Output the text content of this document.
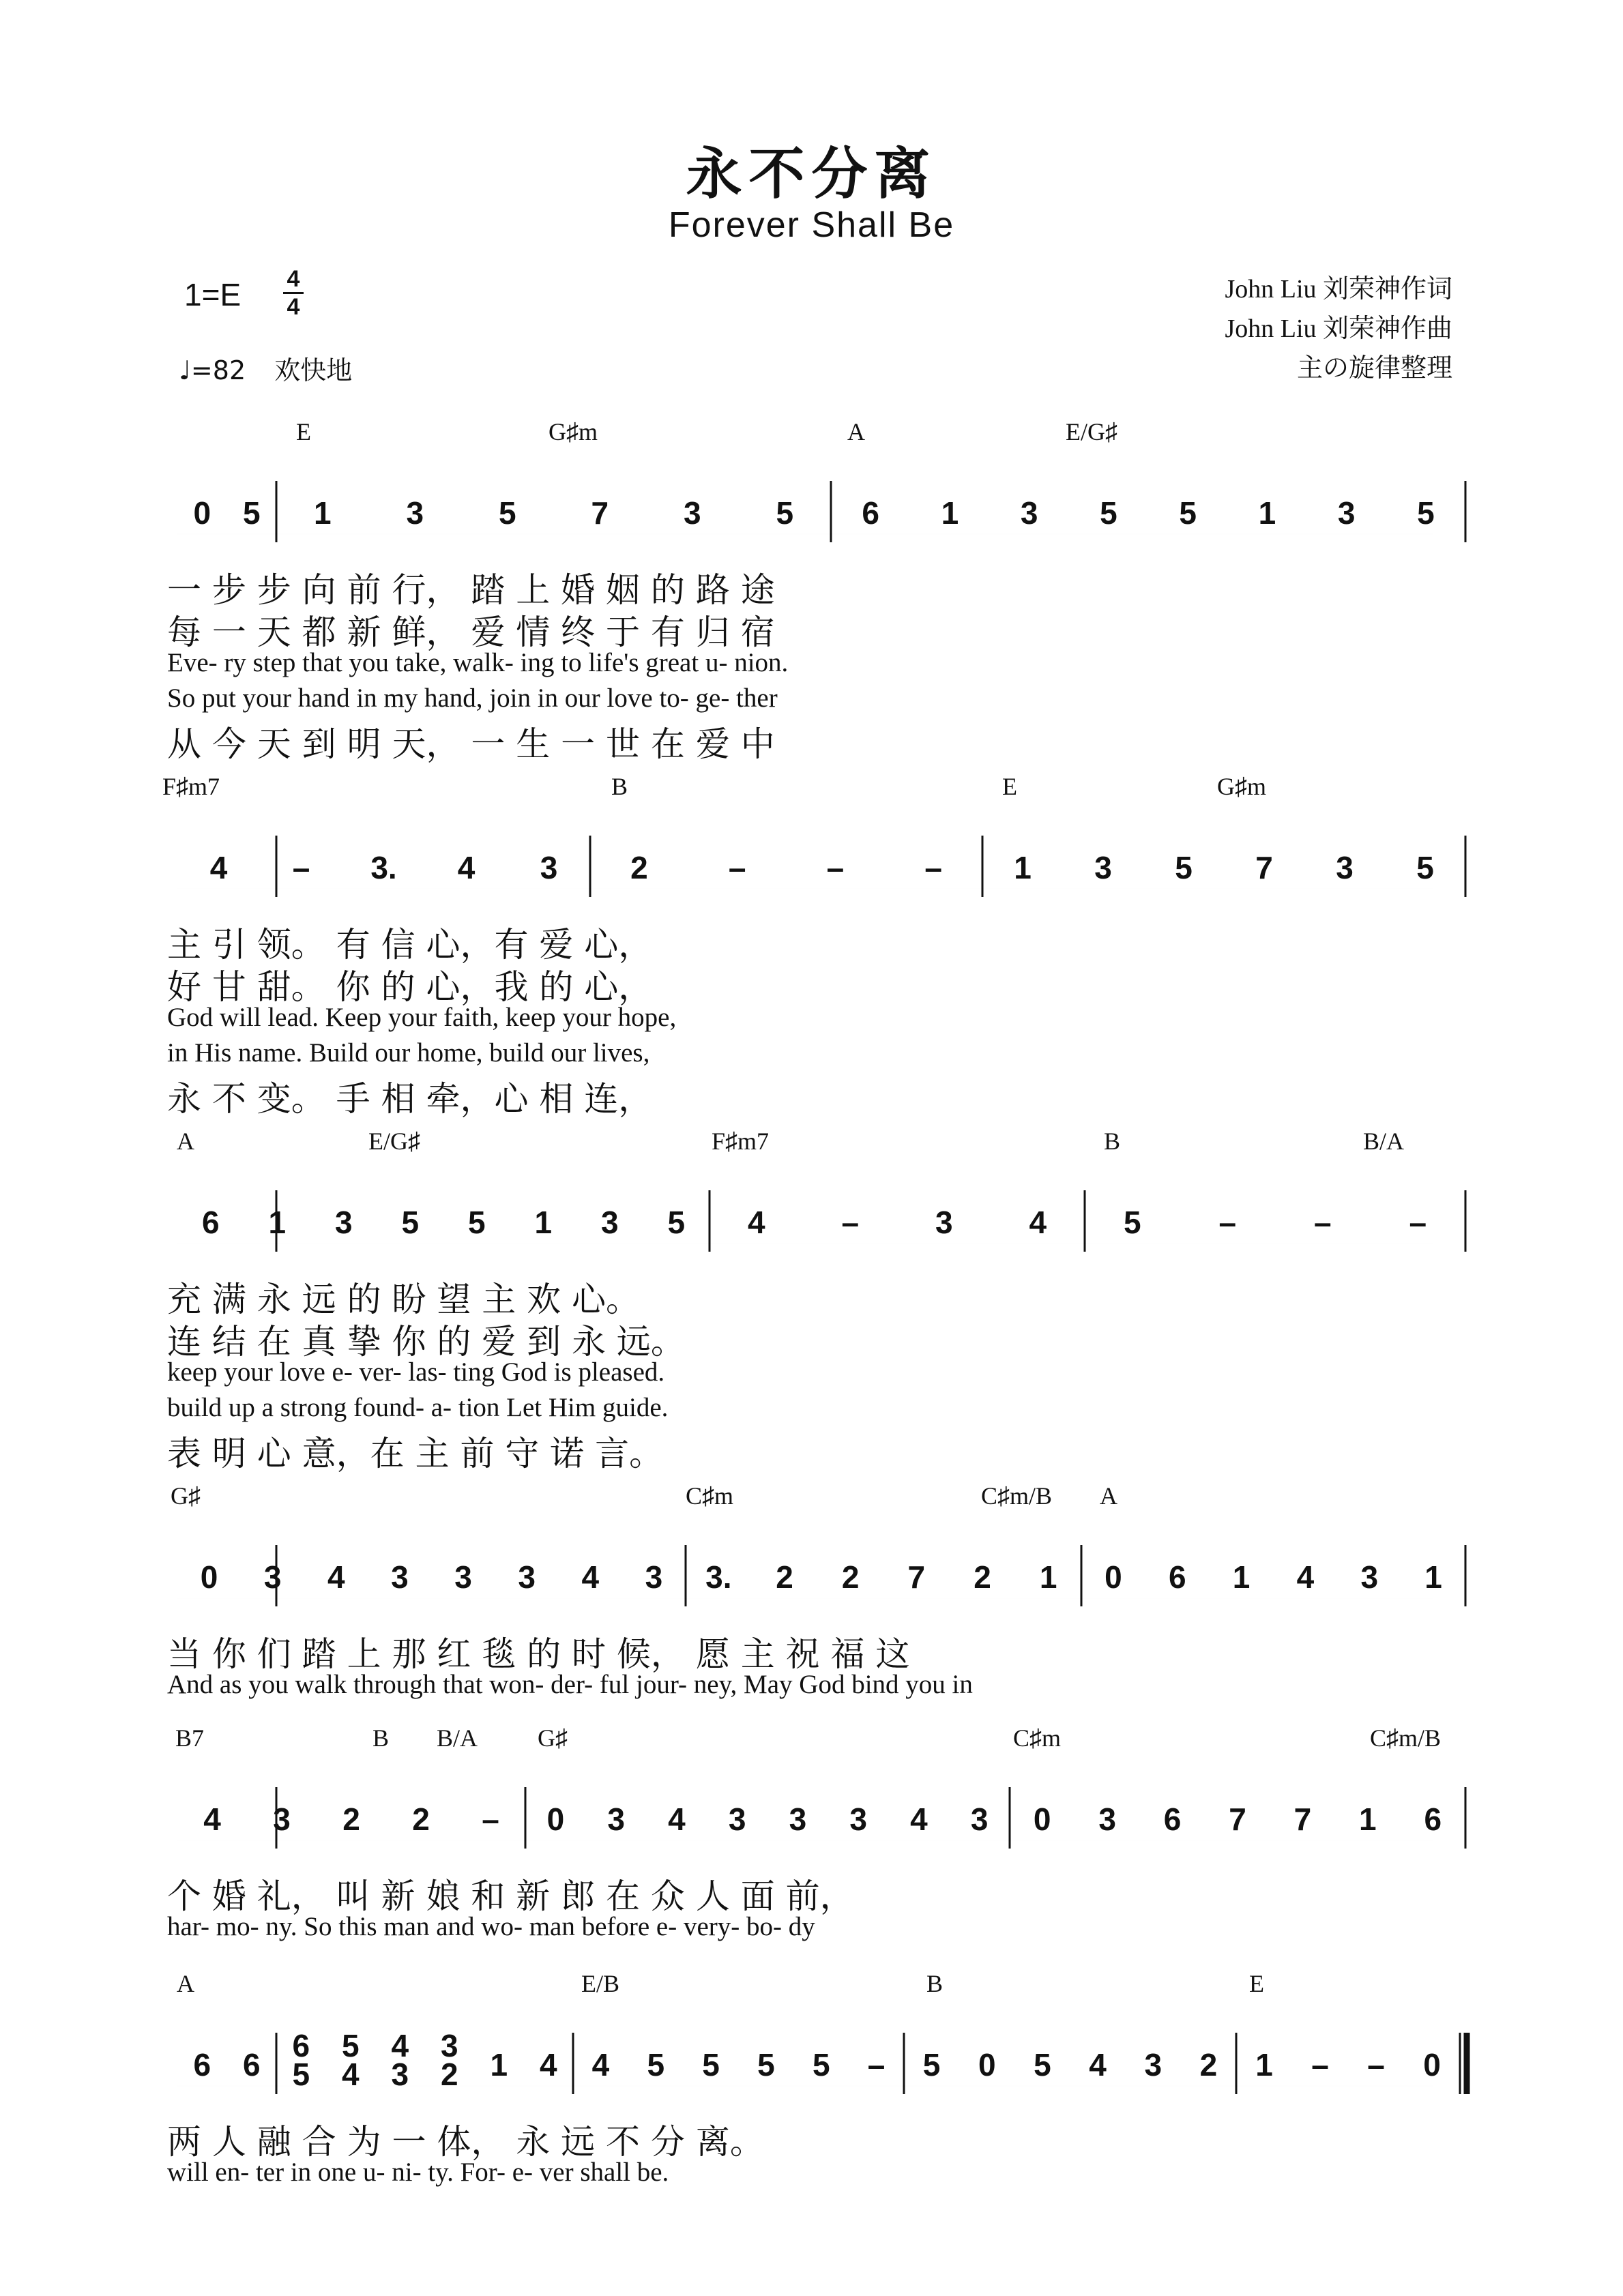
永不分离
Forever Shall Be
1=E 4
4
♩=82 欢快地
John Liu 刘荣神作词
John Liu 刘荣神作曲
主の旋律整理
E	G♯m	A	E/G♯
0 5 1 3 5 7 3 5 6 1 3 5 5 1 3 5
一 步 步 向 前 行， 踏 上 婚 姻 的 路 途
每 一 天 都 新 鲜， 爱 情 终 于 有 归 宿
Eve- ry step that you take, walk- ing to life's great u- nion.
So put your hand in my hand, join in our love to- ge- ther
从 今 天 到 明 天， 一 生 一 世 在 爱 中
F♯m7	B	E	G♯m
4 – 3. 4 3 2	–	–	– 1 3 5 7 3 5
主 引 领。 有 信 心，有 爱 心，
好 甘 甜。 你 的 心，我 的 心，
God will lead. Keep your faith, keep your hope,
in His name. Build our home, build our lives,
永 不 变。 手 相 牵，心 相 连，
A	E/G♯	F♯m7	B	B/A
6 1 3 5 5 1 3 5 4 – 3 4 5 – – –
充 满 永 远 的 盼 望 主 欢 心。
连 结 在 真 挚 你 的 爱 到 永 远。
keep your love e- ver- las- ting God is pleased.
build up a strong found- a- tion Let Him guide.
表 明 心 意，在 主 前 守 诺 言。
G♯	C♯m	C♯m/B A
0 3 4 3 3 3 4 3 3. 2 2 7 2 1 0 6 1 4 3 1
当 你 们 踏 上 那 红 毯 的 时 候， 愿 主 祝 福 这
And as you walk through that won- der- ful jour- ney, May God bind you in
B7	B B/A G♯	C♯m	C♯m/B
4 3 2 2 – 0 3 4 3 3 3 4 3 0 3 6 7 7 1 6
个 婚 礼， 叫 新 娘 和 新 郎 在 众 人 面 前，
har- mo- ny. So this man and wo- man before e- very- bo- dy
A	E/B	B	E
6 6
6
5
5
4
4
3
3
2 1 4 4 5 5 5 5 – 5 0 5 4 3 2 1 – – 0
两 人 融 合 为 一 体， 永 远 不 分 离。
will en- ter in one u- ni- ty. For- e- ver shall be.
